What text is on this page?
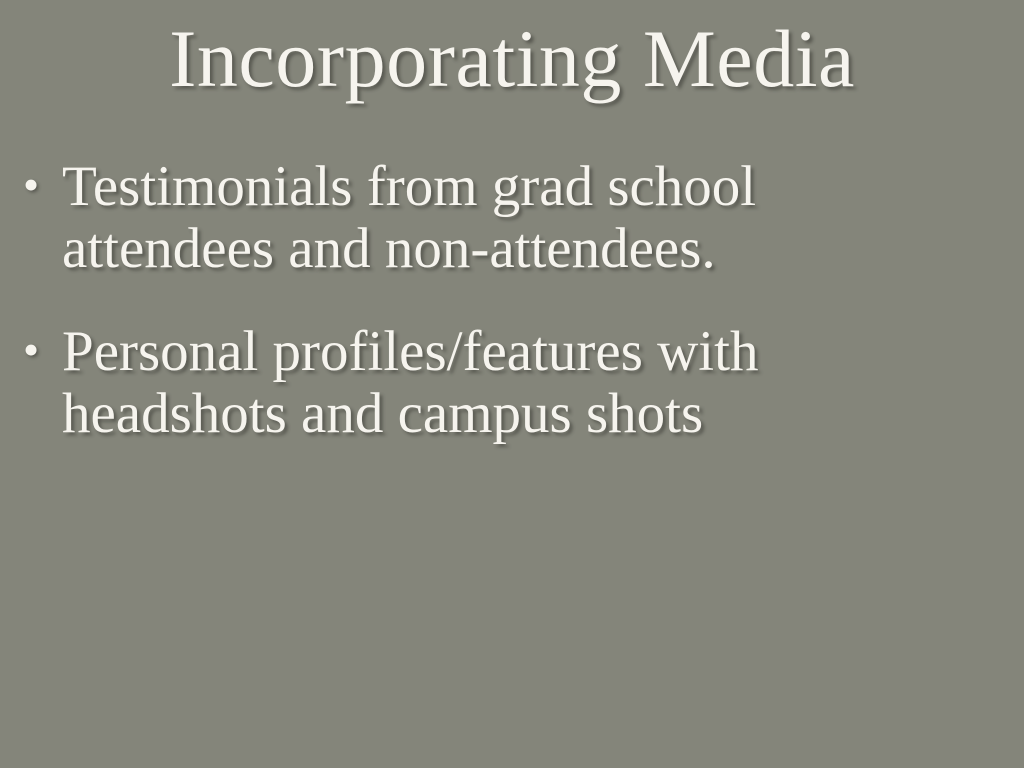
Incorporating Media
• Testimonials from grad school attendees and non-attendees.
• Personal profiles/features with headshots and campus shots
